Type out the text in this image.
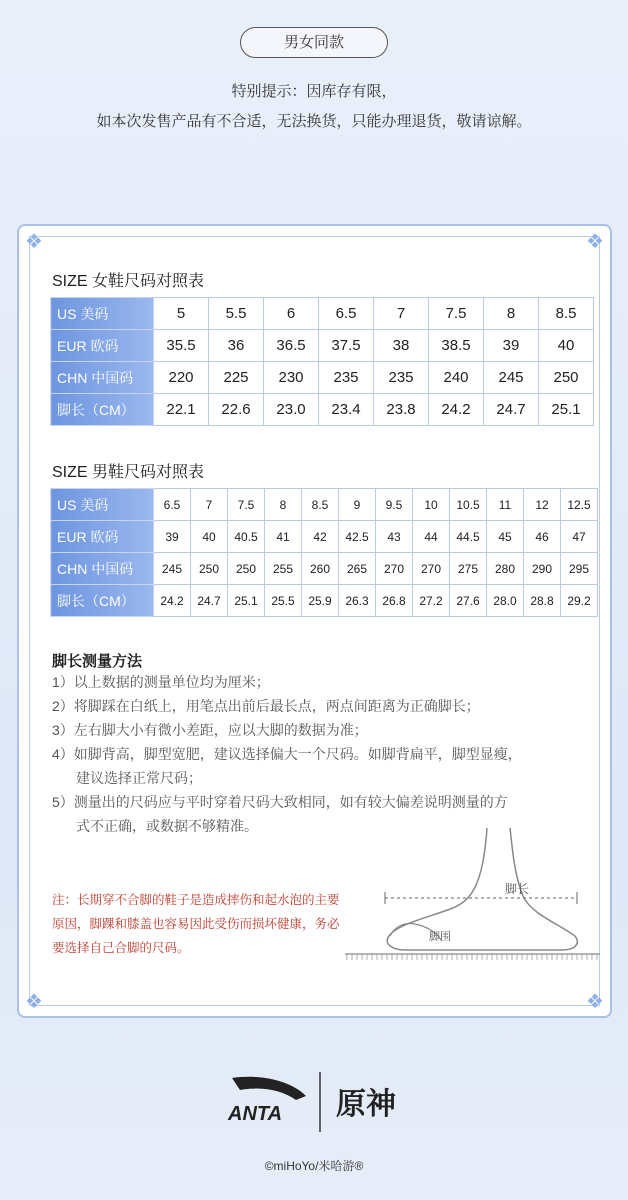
男女同款
特别提示：因库存有限，
如本次发售产品有不合适，无法换货，只能办理退货，敬请谅解。
❖	❖
❖	❖
SIZE 女鞋尺码对照表
US 美码	5	5.5	6	6.5	7	7.5	8	8.5
EUR 欧码	35.5	36	36.5	37.5	38	38.5	39	40
CHN 中国码	220	225	230	235	235	240	245	250
脚长（CM）	22.1	22.6	23.0	23.4	23.8	24.2	24.7	25.1
SIZE 男鞋尺码对照表
US 美码	6.5	7	7.5	8	8.5	9	9.5	10	10.5	11	12	12.5
EUR 欧码	39	40	40.5	41	42	42.5	43	44	44.5	45	46	47
CHN 中国码	245	250	250	255	260	265	270	270	275	280	290	295
脚长（CM）	24.2	24.7	25.1	25.5	25.9	26.3	26.8	27.2	27.6	28.0	28.8	29.2
脚长测量方法
1）以上数据的测量单位均为厘米；
2）将脚踩在白纸上，用笔点出前后最长点，两点间距离为正确脚长；
3）左右脚大小有微小差距，应以大脚的数据为准；
4）如脚背高，脚型宽肥，建议选择偏大一个尺码。如脚背扁平，脚型显瘦，
建议选择正常尺码；
5）测量出的尺码应与平时穿着尺码大致相同，如有较大偏差说明测量的方
式不正确，或数据不够精准。
注：长期穿不合脚的鞋子是造成摔伤和起水泡的主要原因，脚踝和膝盖也容易因此受伤而损坏健康，务必要选择自己合脚的尺码。
脚长
脚围
ANTA 原神
©miHoYo/米哈游®
